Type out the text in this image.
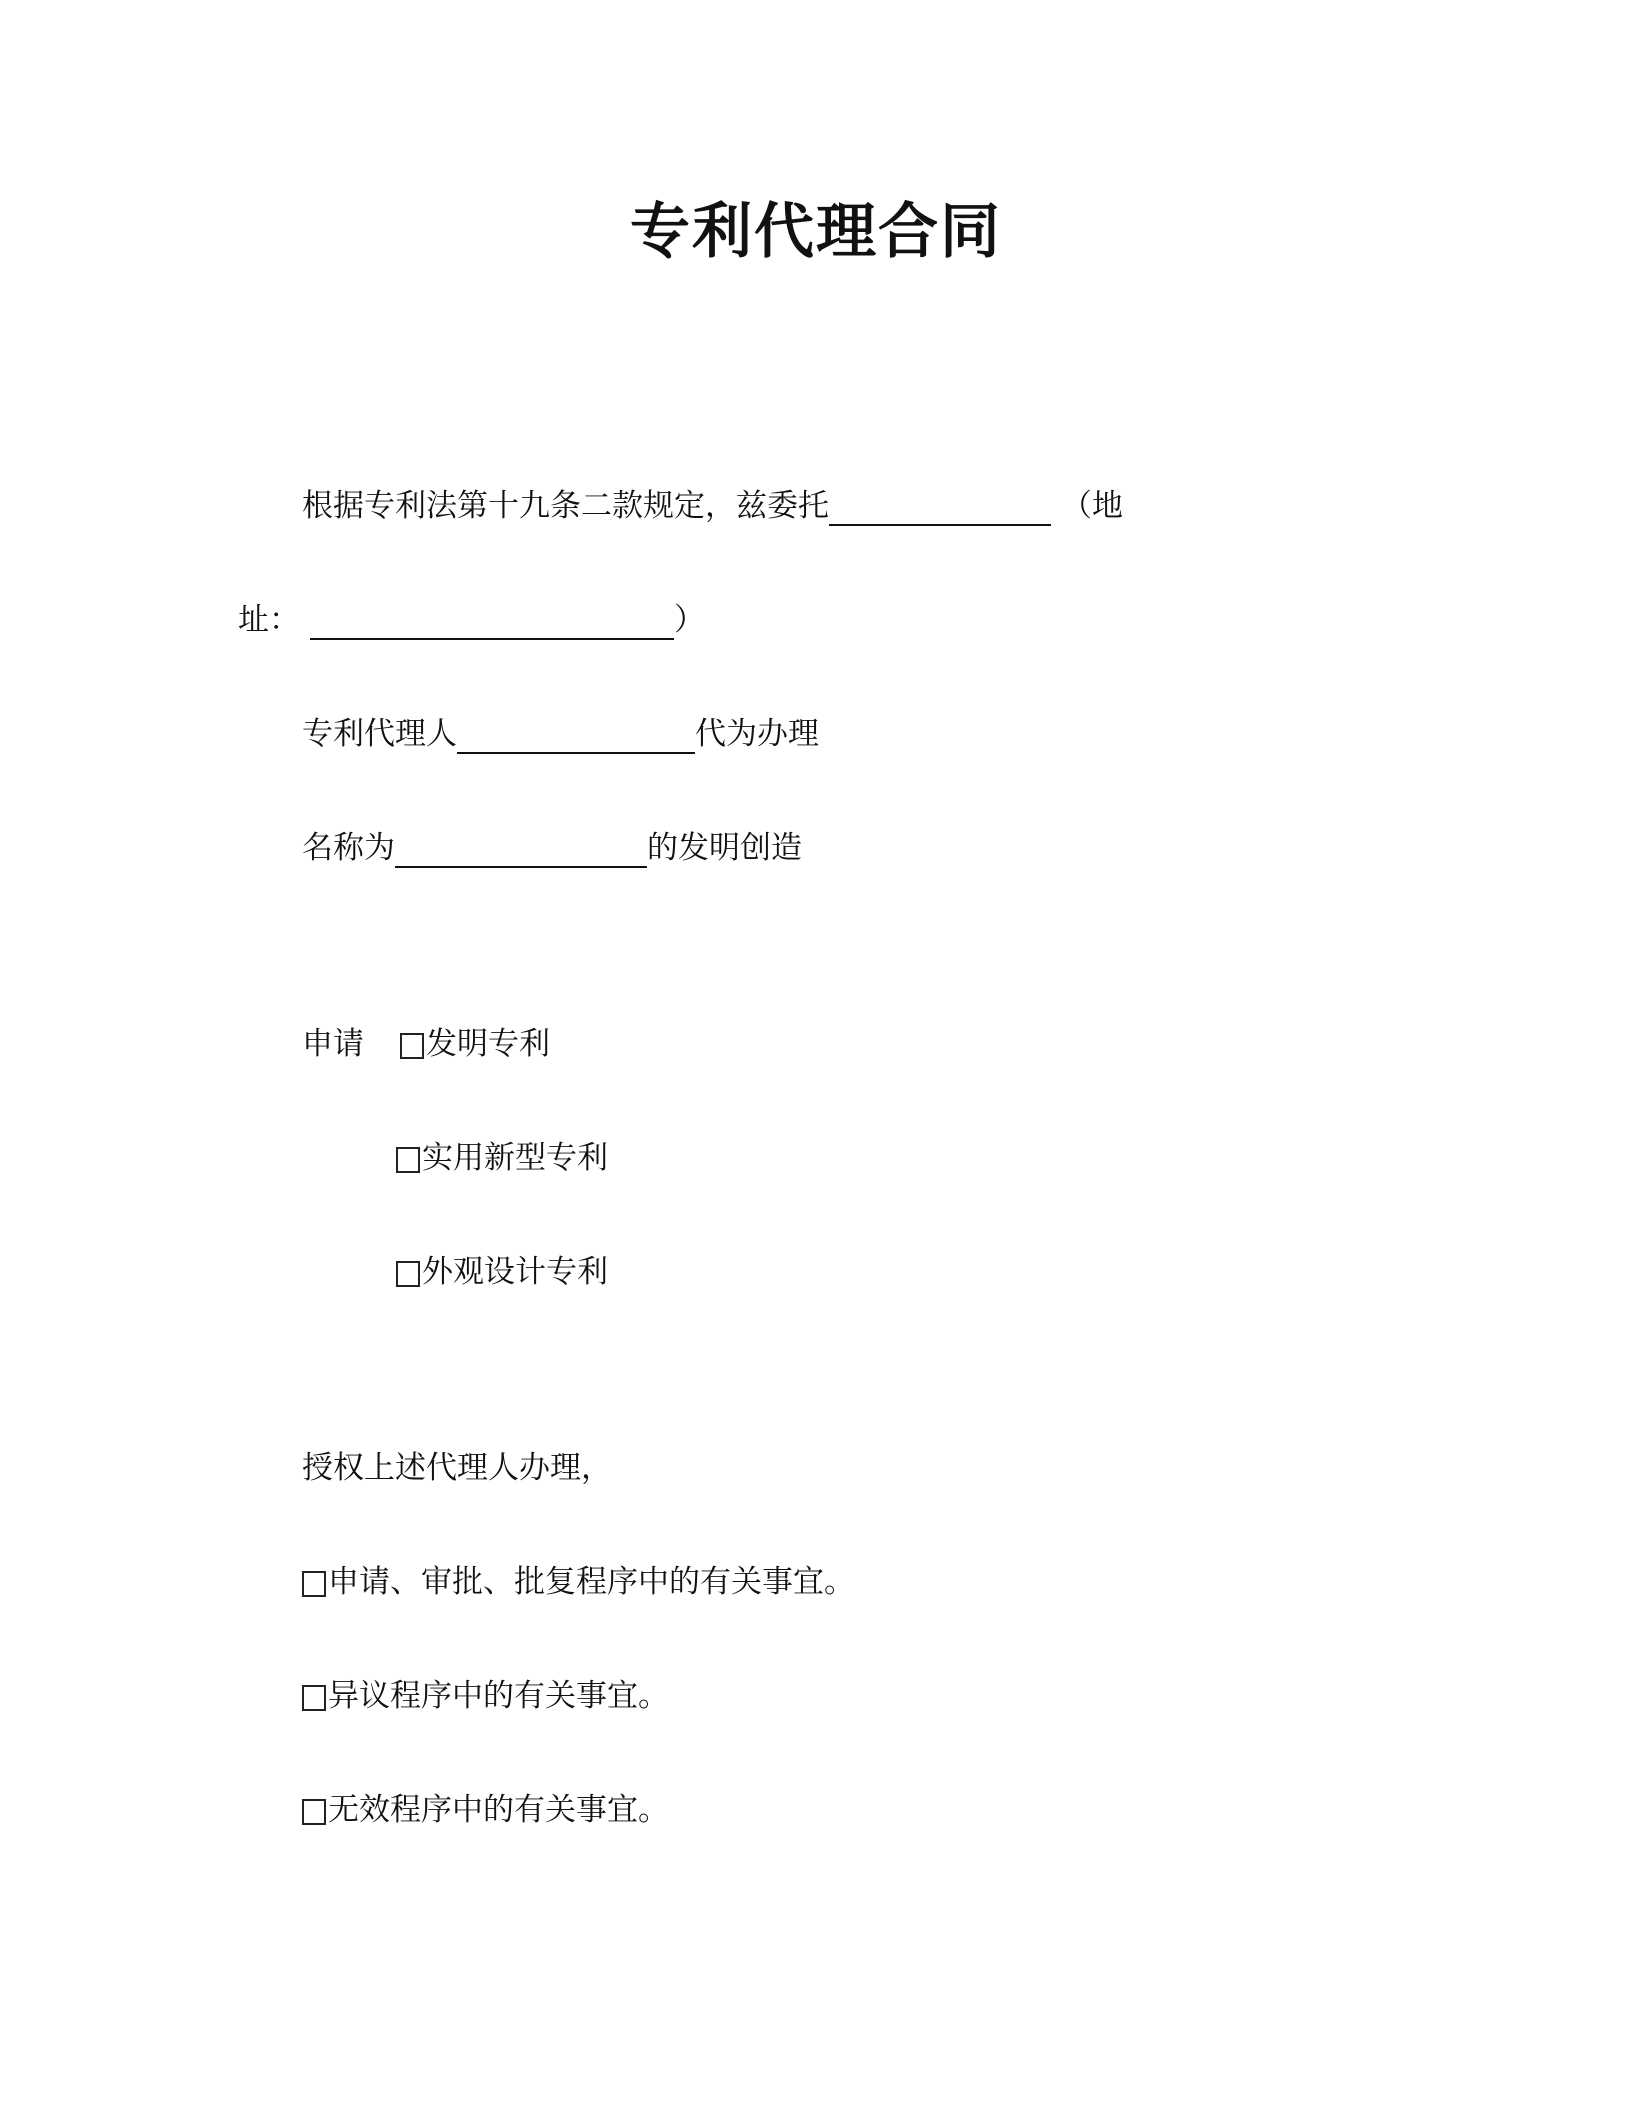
专利代理合同
根据专利法第十九条二款规定，兹委托	（地
址：	）
专利代理人	代为办理
名称为	的发明创造
申请 发明专利
实用新型专利
外观设计专利
授权上述代理人办理，
申请、审批、批复程序中的有关事宜。
异议程序中的有关事宜。
无效程序中的有关事宜。
